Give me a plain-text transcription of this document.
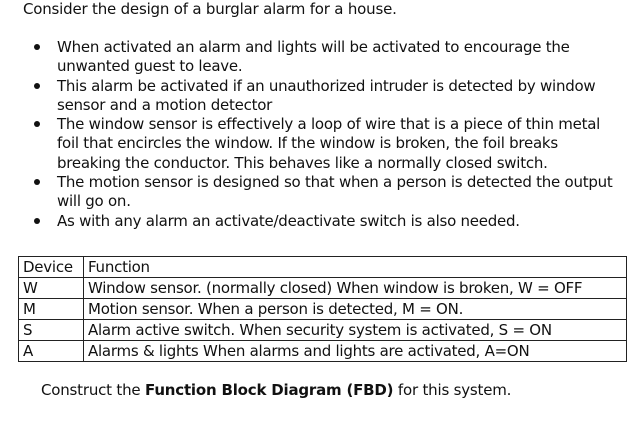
Consider the design of a burglar alarm for a house.

When activated an alarm and lights will be activated to encourage the unwanted guest to leave.
This alarm be activated if an unauthorized intruder is detected by window sensor and a motion detector
The window sensor is effectively a loop of wire that is a piece of thin metal foil that encircles the window. If the window is broken, the foil breaks breaking the conductor. This behaves like a normally closed switch.
The motion sensor is designed so that when a person is detected the output will go on.
As with any alarm an activate/deactivate switch is also needed.
Device	Function
W	Window sensor. (normally closed) When window is broken, W = OFF
M	Motion sensor. When a person is detected, M = ON.
S	Alarm active switch. When security system is activated, S = ON
A	Alarms & lights When alarms and lights are activated, A=ON

Construct the Function Block Diagram (FBD) for this system.
